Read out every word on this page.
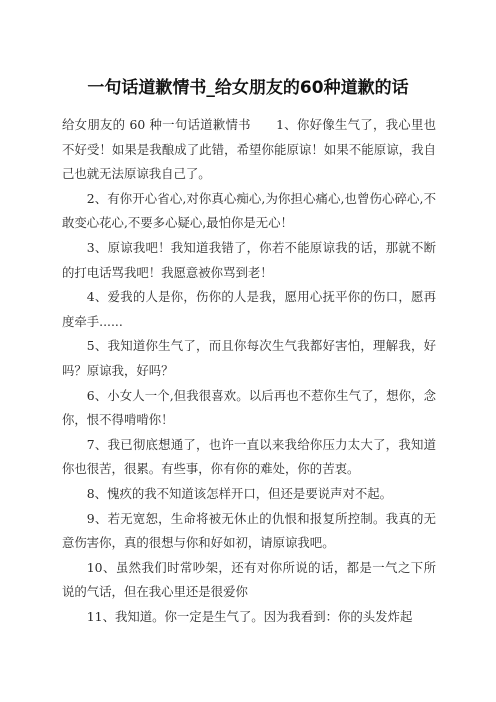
一句话道歉情书_给女朋友的60种道歉的话

给女朋友的 60 种一句话道歉情书　　1、你好像生气了，我心里也不好受！如果是我酿成了此错，希望你能原谅！如果不能原谅，我自己也就无法原谅我自己了。

2、有你开心省心,对你真心痴心,为你担心痛心,也曾伤心碎心,不敢变心花心,不要多心疑心,最怕你是无心！

3、原谅我吧！我知道我错了，你若不能原谅我的话，那就不断的打电话骂我吧！我愿意被你骂到老！

4、爱我的人是你，伤你的人是我，愿用心抚平你的伤口，愿再度牵手......

5、我知道你生气了，而且你每次生气我都好害怕，理解我，好吗？原谅我，好吗？

6、小女人一个,但我很喜欢。以后再也不惹你生气了，想你，念你，恨不得啃啃你！

7、我已彻底想通了，也许一直以来我给你压力太大了，我知道你也很苦，很累。有些事，你有你的难处，你的苦衷。

8、愧疚的我不知道该怎样开口，但还是要说声对不起。

9、若无宽恕，生命将被无休止的仇恨和报复所控制。我真的无意伤害你，真的很想与你和好如初，请原谅我吧。

10、虽然我们时常吵架，还有对你所说的话，都是一气之下所说的气话，但在我心里还是很爱你

11、我知道。你一定是生气了。因为我看到：你的头发炸起
